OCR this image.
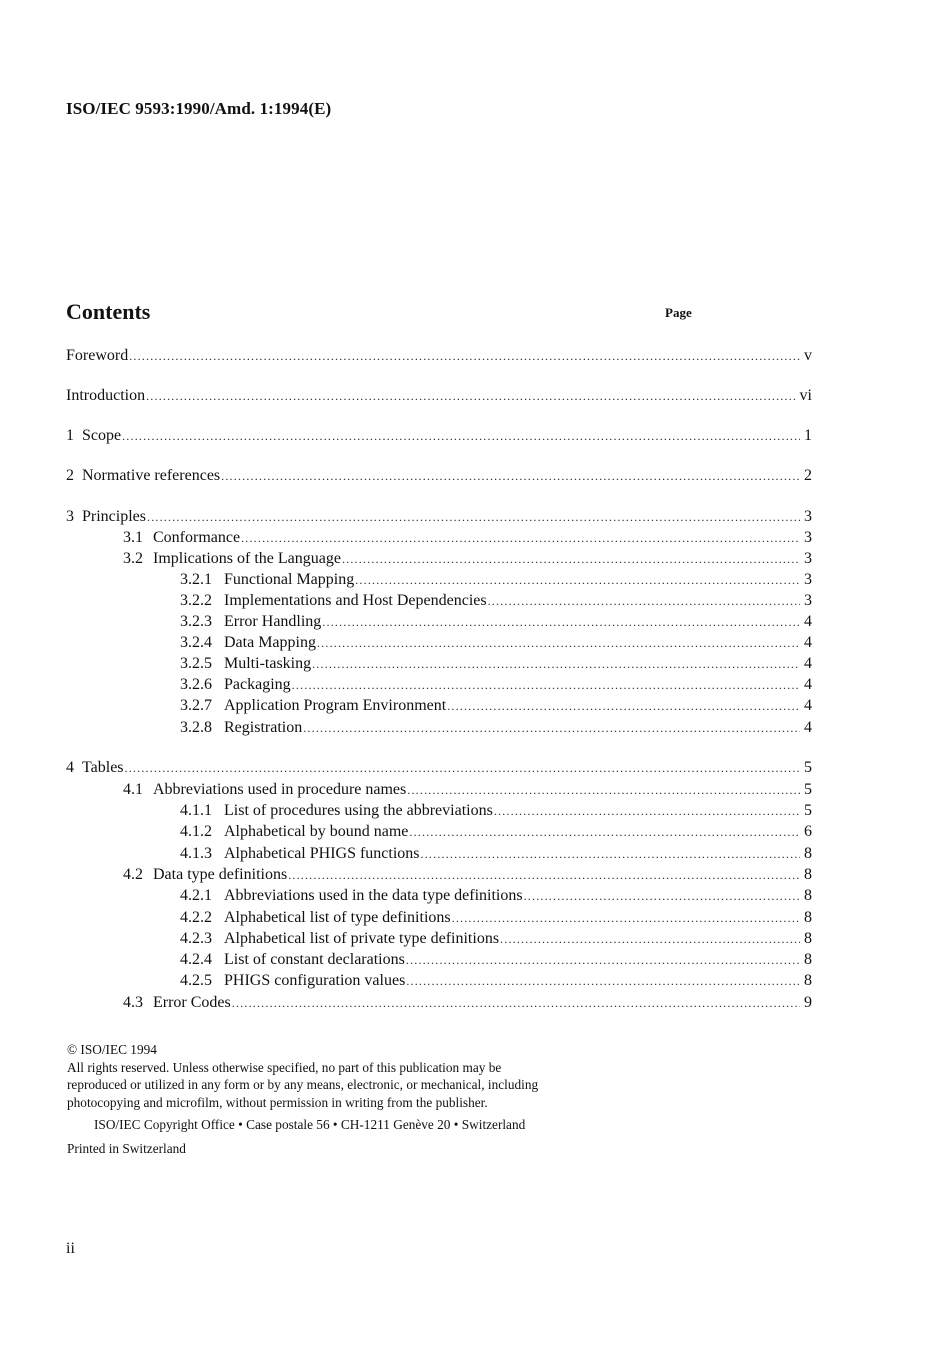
ISO/IEC 9593:1990/Amd. 1:1994(E)
Contents	Page
Foreword .....	v
Introduction .....	vi
1 Scope .....	1
2 Normative references .....	2
3 Principles .....	3
3.1 Conformance .....	3
3.2 Implications of the Language .....	3
3.2.1 Functional Mapping .....	3
3.2.2 Implementations and Host Dependencies .....	3
3.2.3 Error Handling .....	4
3.2.4 Data Mapping .....	4
3.2.5 Multi-tasking .....	4
3.2.6 Packaging .....	4
3.2.7 Application Program Environment .....	4
3.2.8 Registration .....	4
4 Tables .....	5
4.1 Abbreviations used in procedure names .....	5
4.1.1 List of procedures using the abbreviations .....	5
4.1.2 Alphabetical by bound name .....	6
4.1.3 Alphabetical PHIGS functions .....	8
4.2 Data type definitions .....	8
4.2.1 Abbreviations used in the data type definitions .....	8
4.2.2 Alphabetical list of type definitions .....	8
4.2.3 Alphabetical list of private type definitions .....	8
4.2.4 List of constant declarations .....	8
4.2.5 PHIGS configuration values .....	8
4.3 Error Codes .....	9

© ISO/IEC 1994

All rights reserved. Unless otherwise specified, no part of this publication may be

reproduced or utilized in any form or by any means, electronic, or mechanical, including

photocopying and microfilm, without permission in writing from the publisher.

ISO/IEC Copyright Office • Case postale 56 • CH-1211 Genève 20 • Switzerland
Printed in Switzerland
ii
